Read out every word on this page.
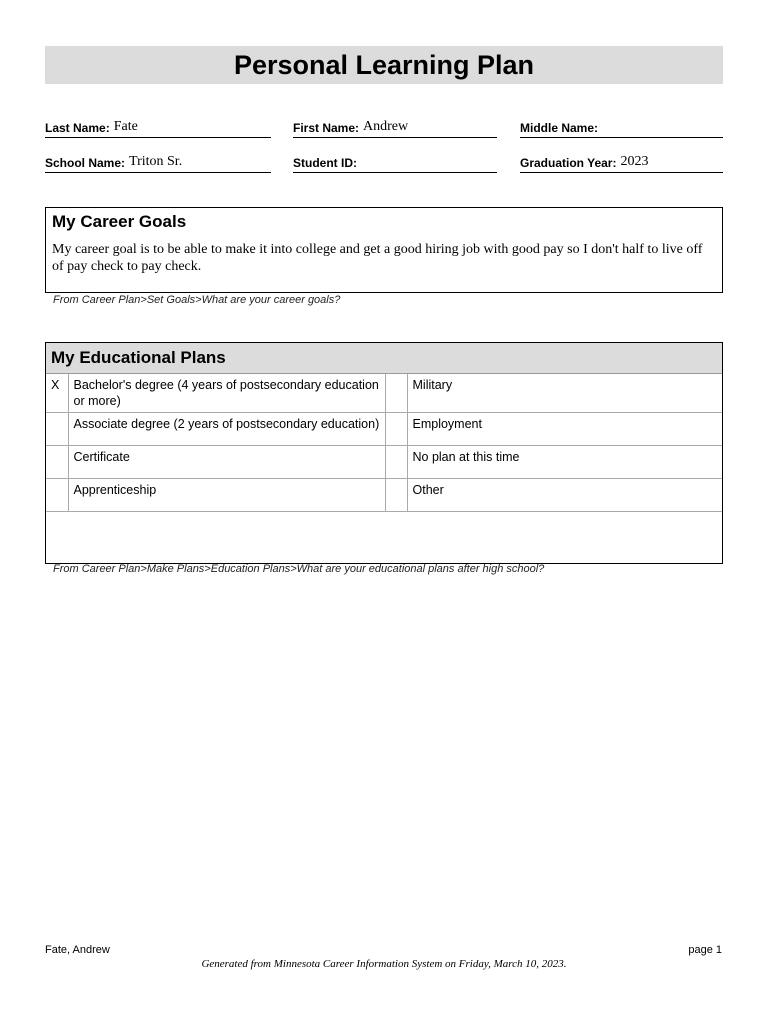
Personal Learning Plan
Last Name: Fate	First Name: Andrew	Middle Name:
School Name: Triton Sr.	Student ID:	Graduation Year: 2023
My Career Goals

My career goal is to be able to make it into college and get a good hiring job with good pay so I don't half to live off of pay check to pay check.

From Career Plan>Set Goals>What are your career goals?
My Educational Plans
X	Bachelor's degree (4 years of postsecondary education or more)		Military
	Associate degree (2 years of postsecondary education)		Employment
	Certificate		No plan at this time
	Apprenticeship		Other
From Career Plan>Make Plans>Education Plans>What are your educational plans after high school?
Fate, Andrew	page 1
Generated from Minnesota Career Information System on Friday, March 10, 2023.
